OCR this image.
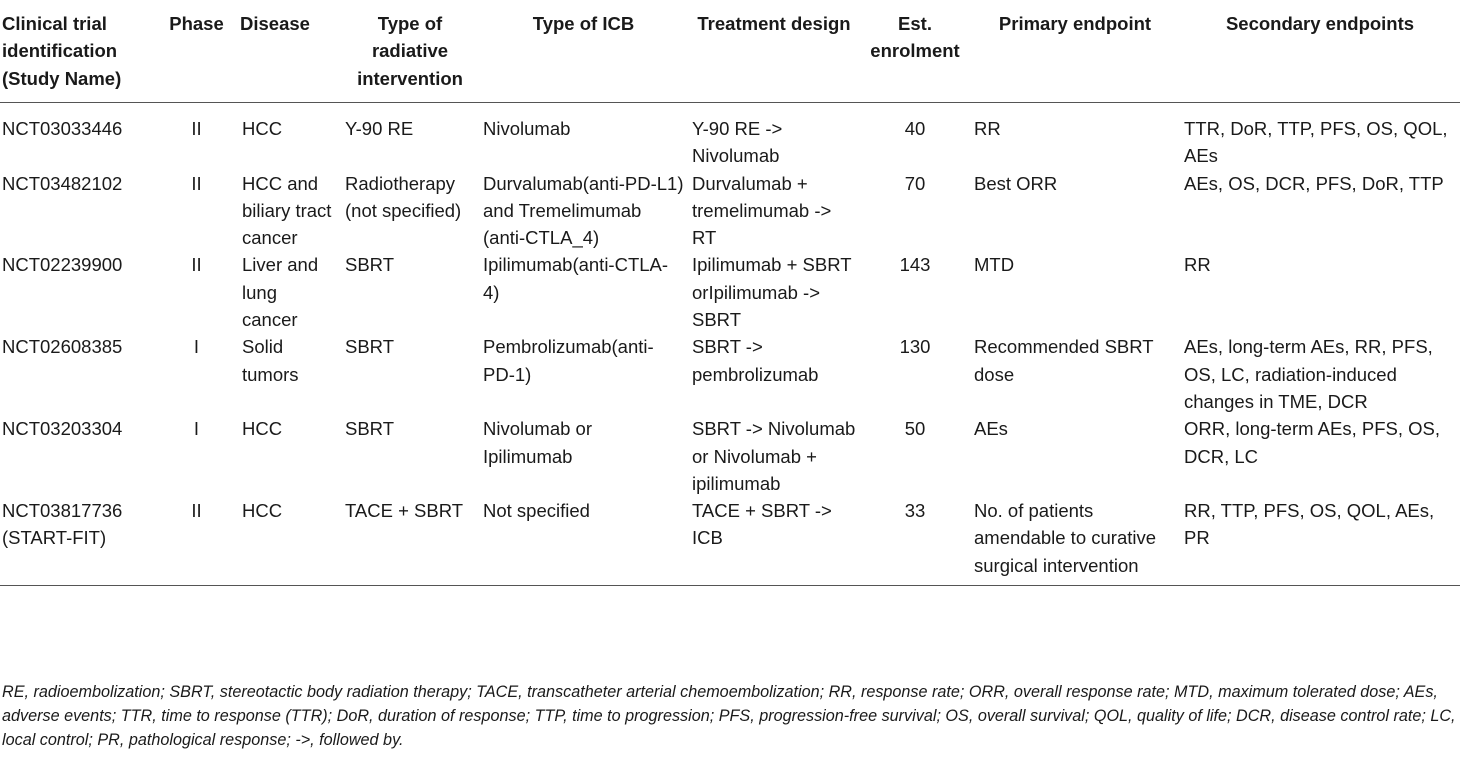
Clinical trial identification (Study Name)	Phase	Disease	Type of radiative intervention	Type of ICB	Treatment design	Est. enrolment	Primary endpoint	Secondary endpoints
NCT03033446	II	HCC	Y-90 RE	Nivolumab	Y-90 RE -> Nivolumab	40	RR	TTR, DoR, TTP, PFS, OS, QOL, AEs
NCT03482102	II	HCC and biliary tract cancer	Radiotherapy (not specified)	Durvalumab(anti-PD-L1) and Tremelimumab (anti-CTLA_4)	Durvalumab + tremelimumab -> RT	70	Best ORR	AEs, OS, DCR, PFS, DoR, TTP
NCT02239900	II	Liver and lung cancer	SBRT	Ipilimumab(anti-CTLA-4)	Ipilimumab + SBRT orIpilimumab -> SBRT	143	MTD	RR
NCT02608385	I	Solid tumors	SBRT	Pembrolizumab(anti-PD-1)	SBRT -> pembrolizumab	130	Recommended SBRT dose	AEs, long-term AEs, RR, PFS, OS, LC, radiation-induced changes in TME, DCR
NCT03203304	I	HCC	SBRT	Nivolumab or Ipilimumab	SBRT -> Nivolumab or Nivolumab + ipilimumab	50	AEs	ORR, long-term AEs, PFS, OS, DCR, LC
NCT03817736 (START-FIT)	II	HCC	TACE + SBRT	Not specified	TACE + SBRT -> ICB	33	No. of patients amendable to curative surgical intervention	RR, TTP, PFS, OS, QOL, AEs, PR
RE, radioembolization; SBRT, stereotactic body radiation therapy; TACE, transcatheter arterial chemoembolization; RR, response rate; ORR, overall response rate; MTD, maximum tolerated dose; AEs, adverse events; TTR, time to response (TTR); DoR, duration of response; TTP, time to progression; PFS, progression-free survival; OS, overall survival; QOL, quality of life; DCR, disease control rate; LC, local control; PR, pathological response; ->, followed by.
